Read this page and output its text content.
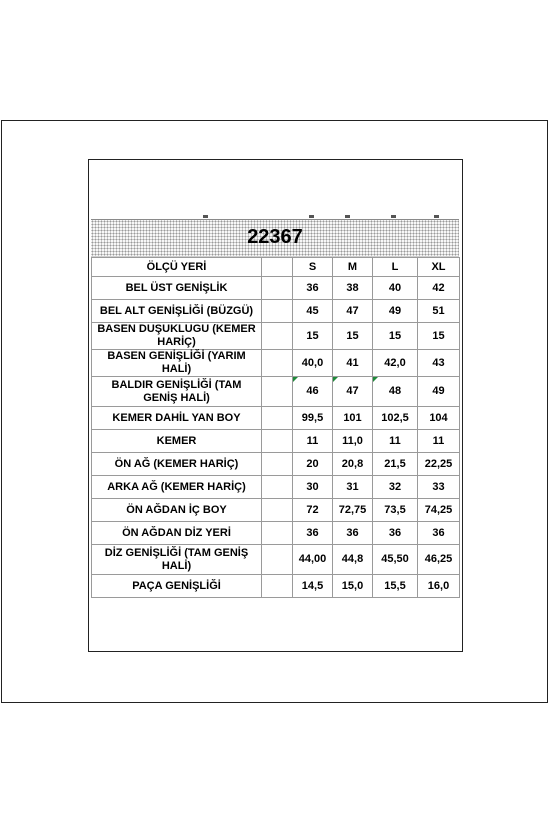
22367
ÖLÇÜ YERİ		S	M	L	XL
BEL ÜST GENİŞLİK		36	38	40	42
BEL ALT GENİŞLİĞİ (BÜZGÜ)		45	47	49	51
BASEN DUŞUKLUGU (KEMER HARİÇ)		15	15	15	15
BASEN GENİŞLİĞİ (YARIM HALİ)		40,0	41	42,0	43
BALDIR GENİŞLİĞİ (TAM GENİŞ HALİ)		46	47	48	49
KEMER DAHİL YAN BOY		99,5	101	102,5	104
KEMER		11	11,0	11	11
ÖN AĞ (KEMER HARİÇ)		20	20,8	21,5	22,25
ARKA AĞ (KEMER HARİÇ)		30	31	32	33
ÖN AĞDAN İÇ BOY		72	72,75	73,5	74,25
ÖN AĞDAN DİZ YERİ		36	36	36	36
DİZ GENİŞLİĞİ (TAM GENİŞ HALİ)		44,00	44,8	45,50	46,25
PAÇA GENİŞLİĞİ		14,5	15,0	15,5	16,0
